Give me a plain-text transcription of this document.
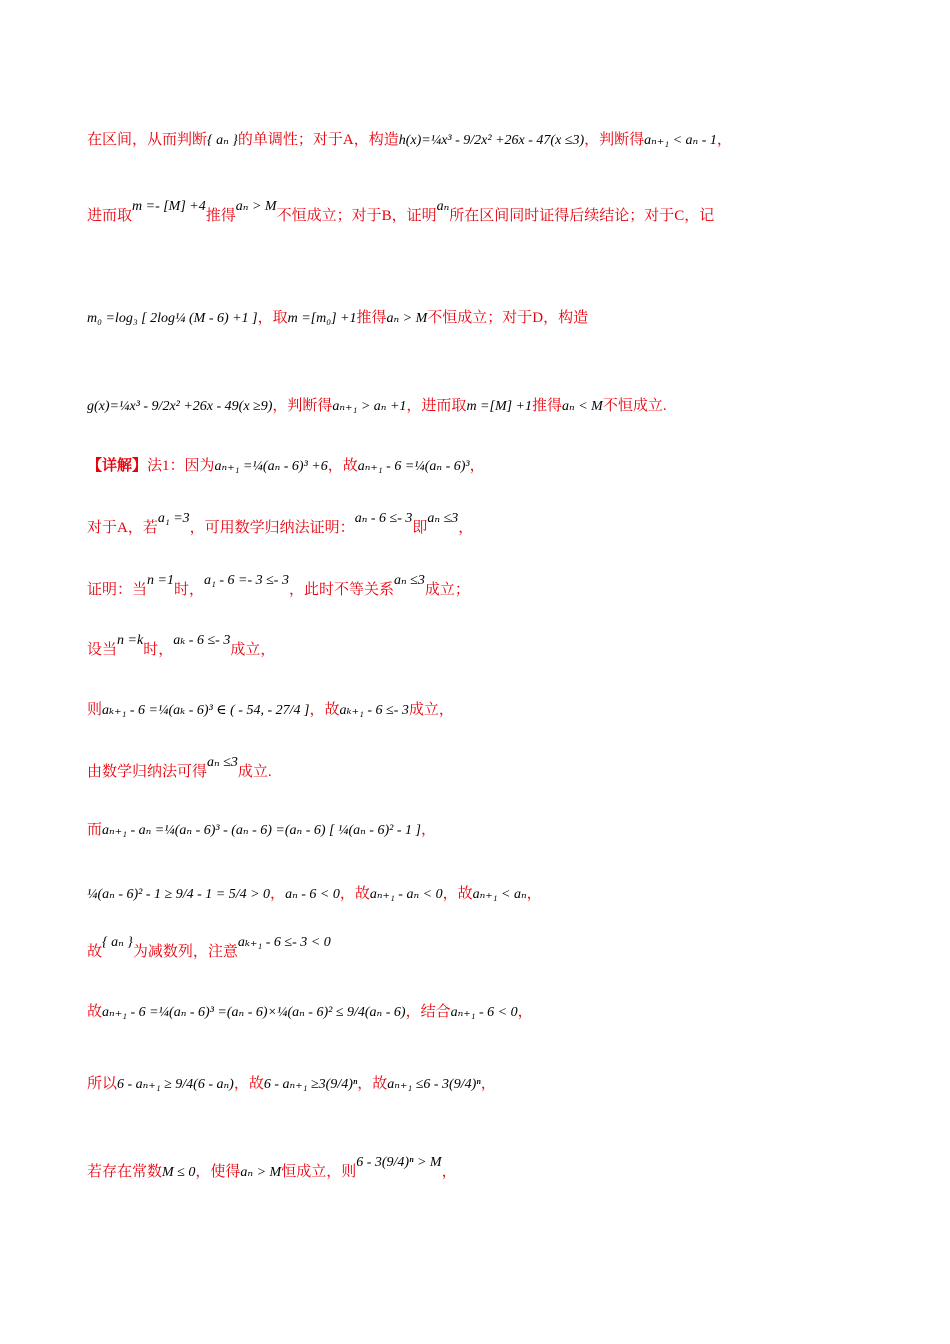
在区间，从而判断{ aₙ }的单调性；对于A，构造h(x)=¼x³ - 9/2x² +26x - 47(x ≤3)，判断得aₙ₊₁ < aₙ - 1，
进而取m =- [M] +4推得aₙ > M不恒成立；对于B，证明aₙ所在区间同时证得后续结论；对于C，记
m₀ =log₃ [ 2log¼ (M - 6) +1 ]，取m =[m₀] +1推得aₙ > M不恒成立；对于D，构造
g(x)=¼x³ - 9/2x² +26x - 49(x ≥9)，判断得aₙ₊₁ > aₙ +1，进而取m =[M] +1推得aₙ < M不恒成立.
【详解】法1：因为aₙ₊₁ =¼(aₙ - 6)³ +6，故aₙ₊₁ - 6 =¼(aₙ - 6)³，
对于A，若a₁ =3，可用数学归纳法证明：aₙ - 6 ≤- 3即aₙ ≤3，
证明：当n =1时，a₁ - 6 =- 3 ≤- 3，此时不等关系aₙ ≤3成立；
设当n =k时，aₖ - 6 ≤- 3成立，
则aₖ₊₁ - 6 =¼(aₖ - 6)³ ∈ ( - 54, - 27/4 ]，故aₖ₊₁ - 6 ≤- 3成立，
由数学归纳法可得aₙ ≤3成立.
而aₙ₊₁ - aₙ =¼(aₙ - 6)³ - (aₙ - 6) =(aₙ - 6) [ ¼(aₙ - 6)² - 1 ]，
¼(aₙ - 6)² - 1 ≥ 9/4 - 1 = 5/4 > 0，aₙ - 6 < 0，故aₙ₊₁ - aₙ < 0，故aₙ₊₁ < aₙ，
故{ aₙ }为减数列，注意aₖ₊₁ - 6 ≤- 3 < 0
故aₙ₊₁ - 6 =¼(aₙ - 6)³ =(aₙ - 6)×¼(aₙ - 6)² ≤ 9/4(aₙ - 6)，结合aₙ₊₁ - 6 < 0，
所以6 - aₙ₊₁ ≥ 9/4(6 - aₙ)，故6 - aₙ₊₁ ≥3(9/4)ⁿ，故aₙ₊₁ ≤6 - 3(9/4)ⁿ，
若存在常数M ≤ 0，使得aₙ > M恒成立，则6 - 3(9/4)ⁿ > M，
